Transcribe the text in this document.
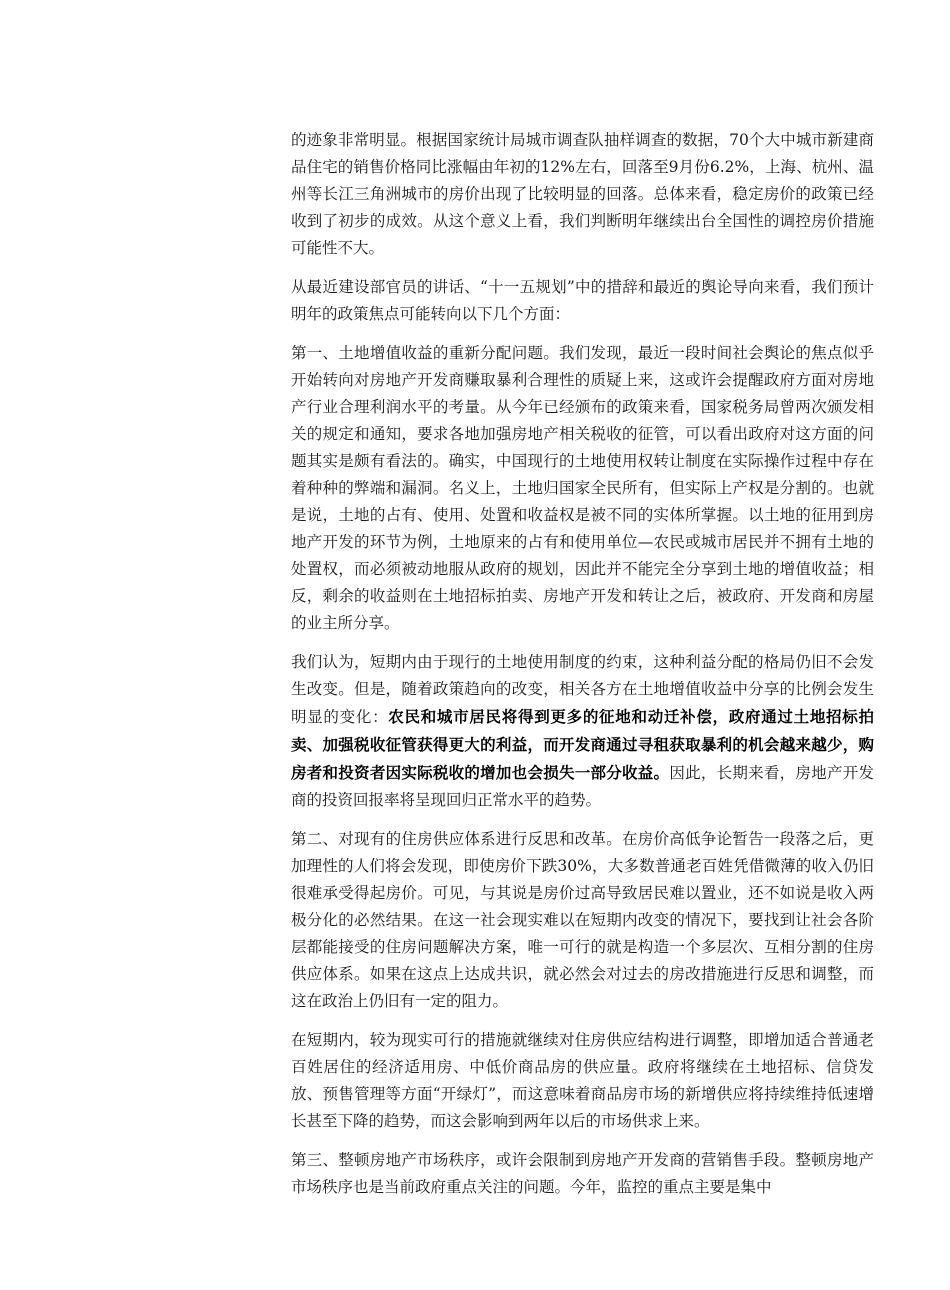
的迹象非常明显。根据国家统计局城市调查队抽样调查的数据，70个大中城市新建商品住宅的销售价格同比涨幅由年初的12%左右，回落至9月份6.2%，上海、杭州、温州等长江三角洲城市的房价出现了比较明显的回落。总体来看，稳定房价的政策已经收到了初步的成效。从这个意义上看，我们判断明年继续出台全国性的调控房价措施可能性不大。

从最近建设部官员的讲话、“十一五规划”中的措辞和最近的舆论导向来看，我们预计明年的政策焦点可能转向以下几个方面：

第一、土地增值收益的重新分配问题。我们发现，最近一段时间社会舆论的焦点似乎开始转向对房地产开发商赚取暴利合理性的质疑上来，这或许会提醒政府方面对房地产行业合理利润水平的考量。从今年已经颁布的政策来看，国家税务局曾两次颁发相关的规定和通知，要求各地加强房地产相关税收的征管，可以看出政府对这方面的问题其实是颇有看法的。确实，中国现行的土地使用权转让制度在实际操作过程中存在着种种的弊端和漏洞。名义上，土地归国家全民所有，但实际上产权是分割的。也就是说，土地的占有、使用、处置和收益权是被不同的实体所掌握。以土地的征用到房地产开发的环节为例，土地原来的占有和使用单位—农民或城市居民并不拥有土地的处置权，而必须被动地服从政府的规划，因此并不能完全分享到土地的增值收益；相反，剩余的收益则在土地招标拍卖、房地产开发和转让之后，被政府、开发商和房屋的业主所分享。

我们认为，短期内由于现行的土地使用制度的约束，这种利益分配的格局仍旧不会发生改变。但是，随着政策趋向的改变，相关各方在土地增值收益中分享的比例会发生明显的变化：农民和城市居民将得到更多的征地和动迁补偿，政府通过土地招标拍卖、加强税收征管获得更大的利益，而开发商通过寻租获取暴利的机会越来越少，购房者和投资者因实际税收的增加也会损失一部分收益。因此，长期来看，房地产开发商的投资回报率将呈现回归正常水平的趋势。

第二、对现有的住房供应体系进行反思和改革。在房价高低争论暂告一段落之后，更加理性的人们将会发现，即使房价下跌30%，大多数普通老百姓凭借微薄的收入仍旧很难承受得起房价。可见，与其说是房价过高导致居民难以置业，还不如说是收入两极分化的必然结果。在这一社会现实难以在短期内改变的情况下，要找到让社会各阶层都能接受的住房问题解决方案，唯一可行的就是构造一个多层次、互相分割的住房供应体系。如果在这点上达成共识，就必然会对过去的房改措施进行反思和调整，而这在政治上仍旧有一定的阻力。

在短期内，较为现实可行的措施就继续对住房供应结构进行调整，即增加适合普通老百姓居住的经济适用房、中低价商品房的供应量。政府将继续在土地招标、信贷发放、预售管理等方面“开绿灯”，而这意味着商品房市场的新增供应将持续维持低速增长甚至下降的趋势，而这会影响到两年以后的市场供求上来。

第三、整顿房地产市场秩序，或许会限制到房地产开发商的营销售手段。整顿房地产市场秩序也是当前政府重点关注的问题。今年，监控的重点主要是集中
